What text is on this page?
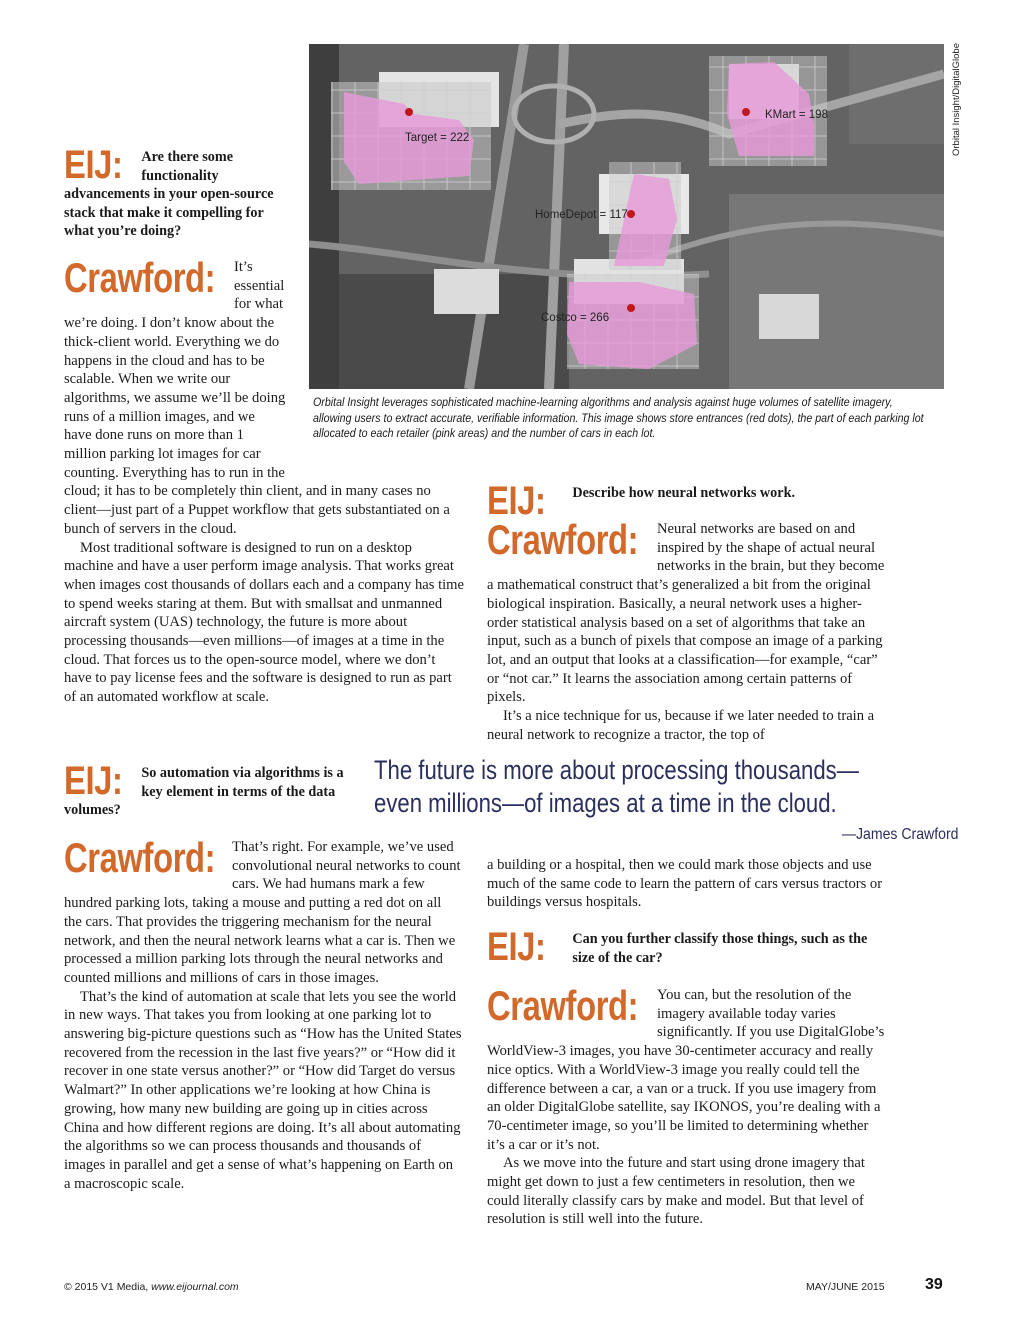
Target = 222
KMart = 198
HomeDepot = 117
Costco = 266
Orbital Insight/DigitalGlobe
Orbital Insight leverages sophisticated machine-learning algorithms and analysis against huge volumes of satellite imagery, allowing users to extract accurate, verifiable information. This image shows store entrances (red dots), the part of each parking lot allocated to each retailer (pink areas) and the number of cars in each lot.
EIJ:	Are there some functionality advancements in your open-source stack that make it compelling for what you’re doing?
Crawford:	It’s essential for what we’re doing. I don’t know about the thick-client world. Everything we do happens in the cloud and has to be scalable. When we write our algorithms, we assume we’ll be doing runs of a million images, and we have done runs on more than 1 million parking lot images for car counting. Everything has to run in the cloud; it has to be completely thin client, and in many cases no client—just part of a Puppet workflow that gets substantiated on a bunch of servers in the cloud.

Most traditional software is designed to run on a desktop machine and have a user perform image analysis. That works great when images cost thousands of dollars each and a company has time to spend weeks staring at them. But with smallsat and unmanned aircraft system (UAS) technology, the future is more about processing thousands—even millions—of images at a time in the cloud. That forces us to the open-source model, where we don’t have to pay license fees and the software is designed to run as part of an automated workflow at scale.

EIJ:	So automation via algorithms is a key element in terms of the data volumes?
Crawford:	That’s right. For example, we’ve used convolutional neural networks to count cars. We had humans mark a few hundred parking lots, taking a mouse and putting a red dot on all the cars. That provides the triggering mechanism for the neural network, and then the neural network learns what a car is. Then we processed a million parking lots through the neural networks and counted millions and millions of cars in those images.

That’s the kind of automation at scale that lets you see the world in new ways. That takes you from looking at one parking lot to answering big-picture questions such as “How has the United States recovered from the recession in the last five years?” or “How did it recover in one state versus another?” or “How did Target do versus Walmart?” In other applications we’re looking at how China is growing, how many new building are going up in cities across China and how different regions are doing. It’s all about automating the algorithms so we can process thousands and thousands of images in parallel and get a sense of what’s happening on Earth on a macroscopic scale.

EIJ:	Describe how neural networks work.
Crawford:	Neural networks are based on and inspired by the shape of actual neural networks in the brain, but they become a mathematical construct that’s generalized a bit from the original biological inspiration. Basically, a neural network uses a higher-order statistical analysis based on a set of algorithms that take an input, such as a bunch of pixels that compose an image of a parking lot, and an output that looks at a classification—for example, “car” or “not car.” It learns the association among certain patterns of pixels.

It’s a nice technique for us, because if we later needed to train a neural network to recognize a tractor, the top of

The future is more about processing thousands—
even millions—of images at a time in the cloud.
—James Crawford

a building or a hospital, then we could mark those objects and use much of the same code to learn the pattern of cars versus tractors or buildings versus hospitals.

EIJ:	Can you further classify those things, such as the size of the car?
Crawford:	You can, but the resolution of the imagery available today varies significantly. If you use DigitalGlobe’s WorldView-3 images, you have 30-centimeter accuracy and really nice optics. With a WorldView-3 image you really could tell the difference between a car, a van or a truck. If you use imagery from an older DigitalGlobe satellite, say IKONOS, you’re dealing with a 70-centimeter image, so you’ll be limited to determining whether it’s a car or it’s not.

As we move into the future and start using drone imagery that might get down to just a few centimeters in resolution, then we could literally classify cars by make and model. But that level of resolution is still well into the future.

© 2015 V1 Media, www.eijournal.com	MAY/JUNE 2015	39
